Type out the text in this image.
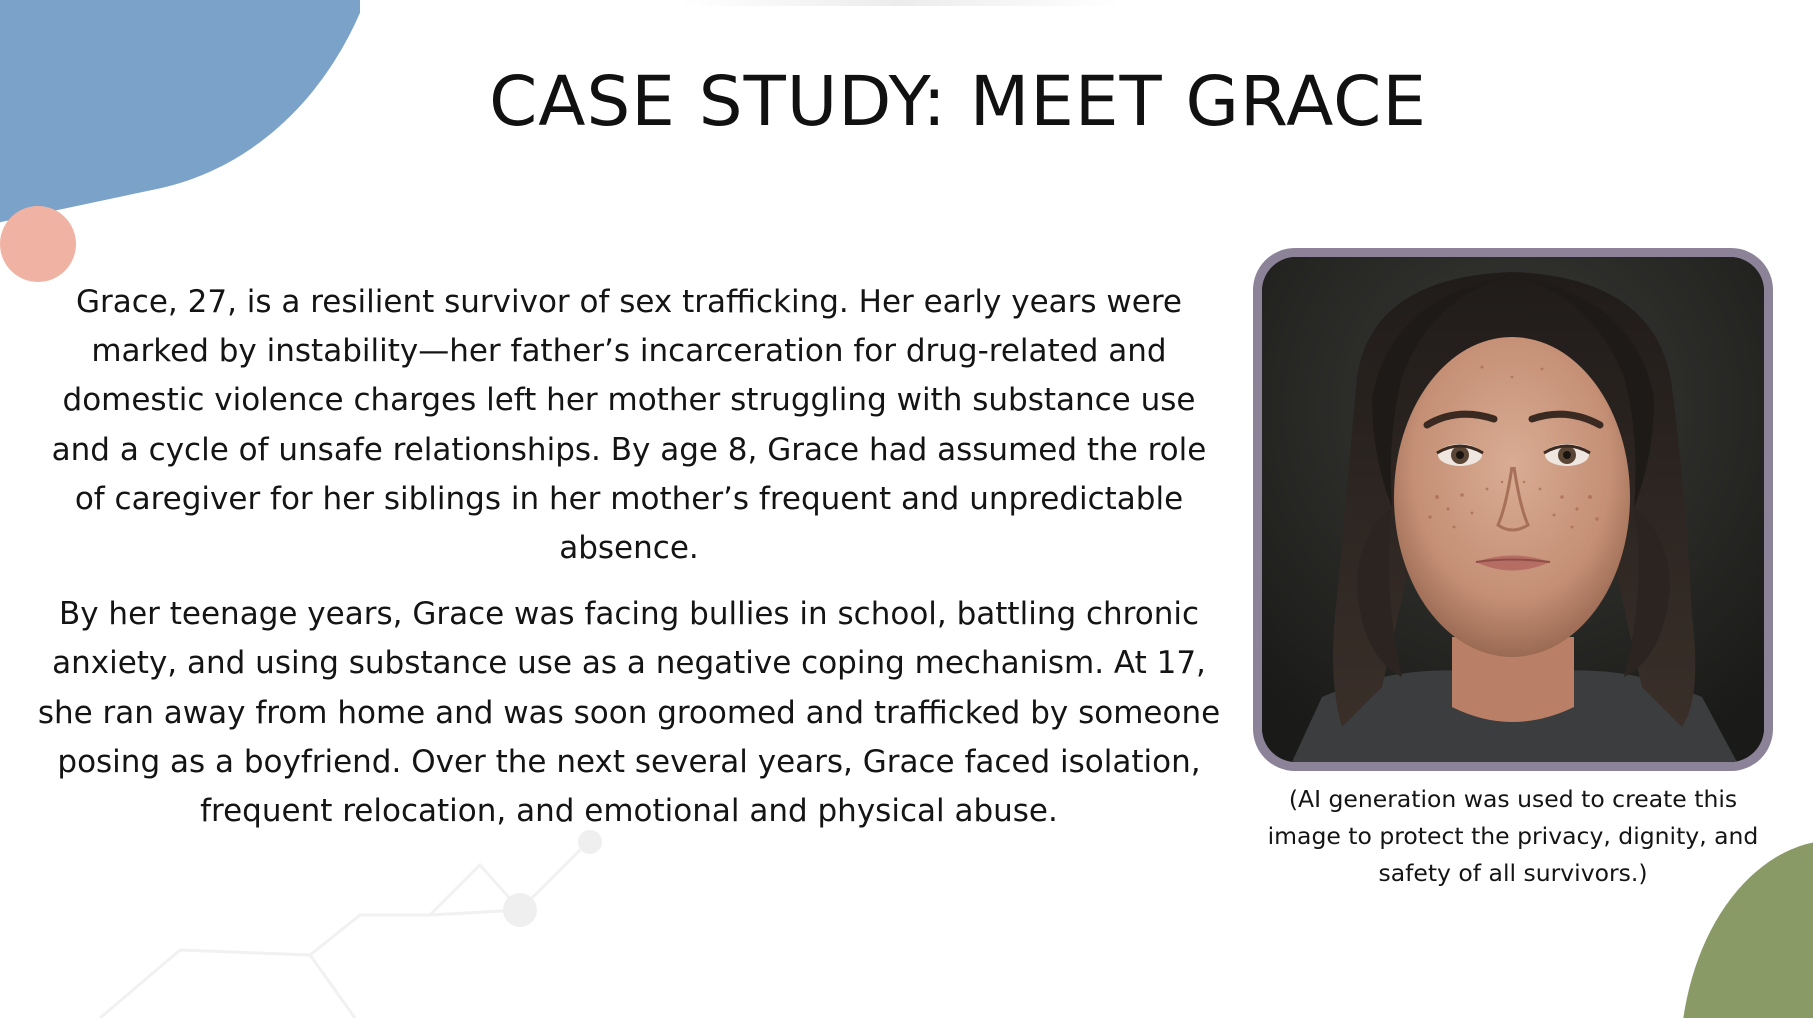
CASE STUDY: MEET GRACE

Grace, 27, is a resilient survivor of sex trafficking. Her early years were marked by instability—her father’s incarceration for drug-related and domestic violence charges left her mother struggling with substance use and a cycle of unsafe relationships. By age 8, Grace had assumed the role of caregiver for her siblings in her mother’s frequent and unpredictable absence.

By her teenage years, Grace was facing bullies in school, battling chronic anxiety, and using substance use as a negative coping mechanism. At 17, she ran away from home and was soon groomed and trafficked by someone posing as a boyfriend. Over the next several years, Grace faced isolation, frequent relocation, and emotional and physical abuse.	(AI generation was used to create this image to protect the privacy, dignity, and safety of all survivors.)
